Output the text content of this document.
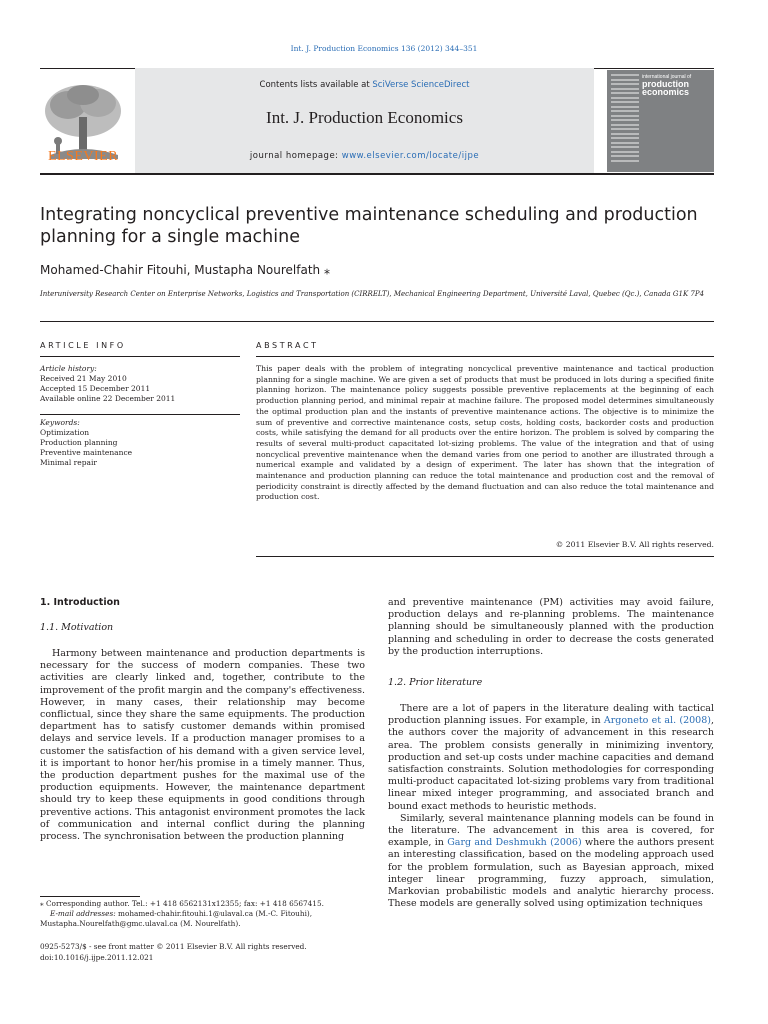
Int. J. Production Economics 136 (2012) 344–351
Contents lists available at SciVerse ScienceDirect
Int. J. Production Economics
journal homepage: www.elsevier.com/locate/ijpe
ELSEVIER
international journal of
production economics
Integrating noncyclical preventive maintenance scheduling and production planning for a single machine
Mohamed-Chahir Fitouhi, Mustapha Nourelfath ⁎
Interuniversity Research Center on Enterprise Networks, Logistics and Transportation (CIRRELT), Mechanical Engineering Department, Université Laval, Quebec (Qc.), Canada G1K 7P4
ARTICLE INFO	ABSTRACT
Article history:
Received 21 May 2010
Accepted 15 December 2011
Available online 22 December 2011
Keywords:
Optimization
Production planning
Preventive maintenance
Minimal repair
This paper deals with the problem of integrating noncyclical preventive maintenance and tactical production planning for a single machine. We are given a set of products that must be produced in lots during a specified finite planning horizon. The maintenance policy suggests possible preventive replacements at the beginning of each production planning period, and minimal repair at machine failure. The proposed model determines simultaneously the optimal production plan and the instants of preventive maintenance actions. The objective is to minimize the sum of preventive and corrective maintenance costs, setup costs, holding costs, backorder costs and production costs, while satisfying the demand for all products over the entire horizon. The problem is solved by comparing the results of several multi-product capacitated lot-sizing problems. The value of the integration and that of using noncyclical preventive maintenance when the demand varies from one period to another are illustrated through a numerical example and validated by a design of experiment. The later has shown that the integration of maintenance and production planning can reduce the total maintenance and production cost and the removal of periodicity constraint is directly affected by the demand fluctuation and can also reduce the total maintenance and production cost.
© 2011 Elsevier B.V. All rights reserved.
1. Introduction
1.1. Motivation

Harmony between maintenance and production departments is necessary for the success of modern companies. These two activities are clearly linked and, together, contribute to the improvement of the profit margin and the company's effectiveness. However, in many cases, their relationship may become conflictual, since they share the same equipments. The production department has to satisfy customer demands within promised delays and service levels. If a production manager promises to a customer the satisfaction of his demand with a given service level, it is important to honor her/his promise in a timely manner. Thus, the production department pushes for the maximal use of the production equipments. However, the maintenance department should try to keep these equipments in good conditions through preventive actions. This antagonist environment promotes the lack of communication and internal conflict during the planning process. The synchronisation between the production planning

and preventive maintenance (PM) activities may avoid failure, production delays and re-planning problems. The maintenance planning should be simultaneously planned with the production planning and scheduling in order to decrease the costs generated by the production interruptions.

1.2. Prior literature

There are a lot of papers in the literature dealing with tactical production planning issues. For example, in Argoneto et al. (2008), the authors cover the majority of advancement in this research area. The problem consists generally in minimizing inventory, production and set-up costs under machine capacities and demand satisfaction constraints. Solution methodologies for corresponding multi-product capacitated lot-sizing problems vary from traditional linear mixed integer programming, and associated branch and bound exact methods to heuristic methods.

Similarly, several maintenance planning models can be found in the literature. The advancement in this area is covered, for example, in Garg and Deshmukh (2006) where the authors present an interesting classification, based on the modeling approach used for the problem formulation, such as Bayesian approach, mixed integer linear programming, fuzzy approach, simulation, Markovian probabilistic models and analytic hierarchy process. These models are generally solved using optimization techniques

⁎ Corresponding author. Tel.: +1 418 6562131x12355; fax: +1 418 6567415.
E-mail addresses: mohamed-chahir.fitouhi.1@ulaval.ca (M.-C. Fitouhi),
Mustapha.Nourelfath@gmc.ulaval.ca (M. Nourelfath).
0925-5273/$ - see front matter © 2011 Elsevier B.V. All rights reserved.
doi:10.1016/j.ijpe.2011.12.021
